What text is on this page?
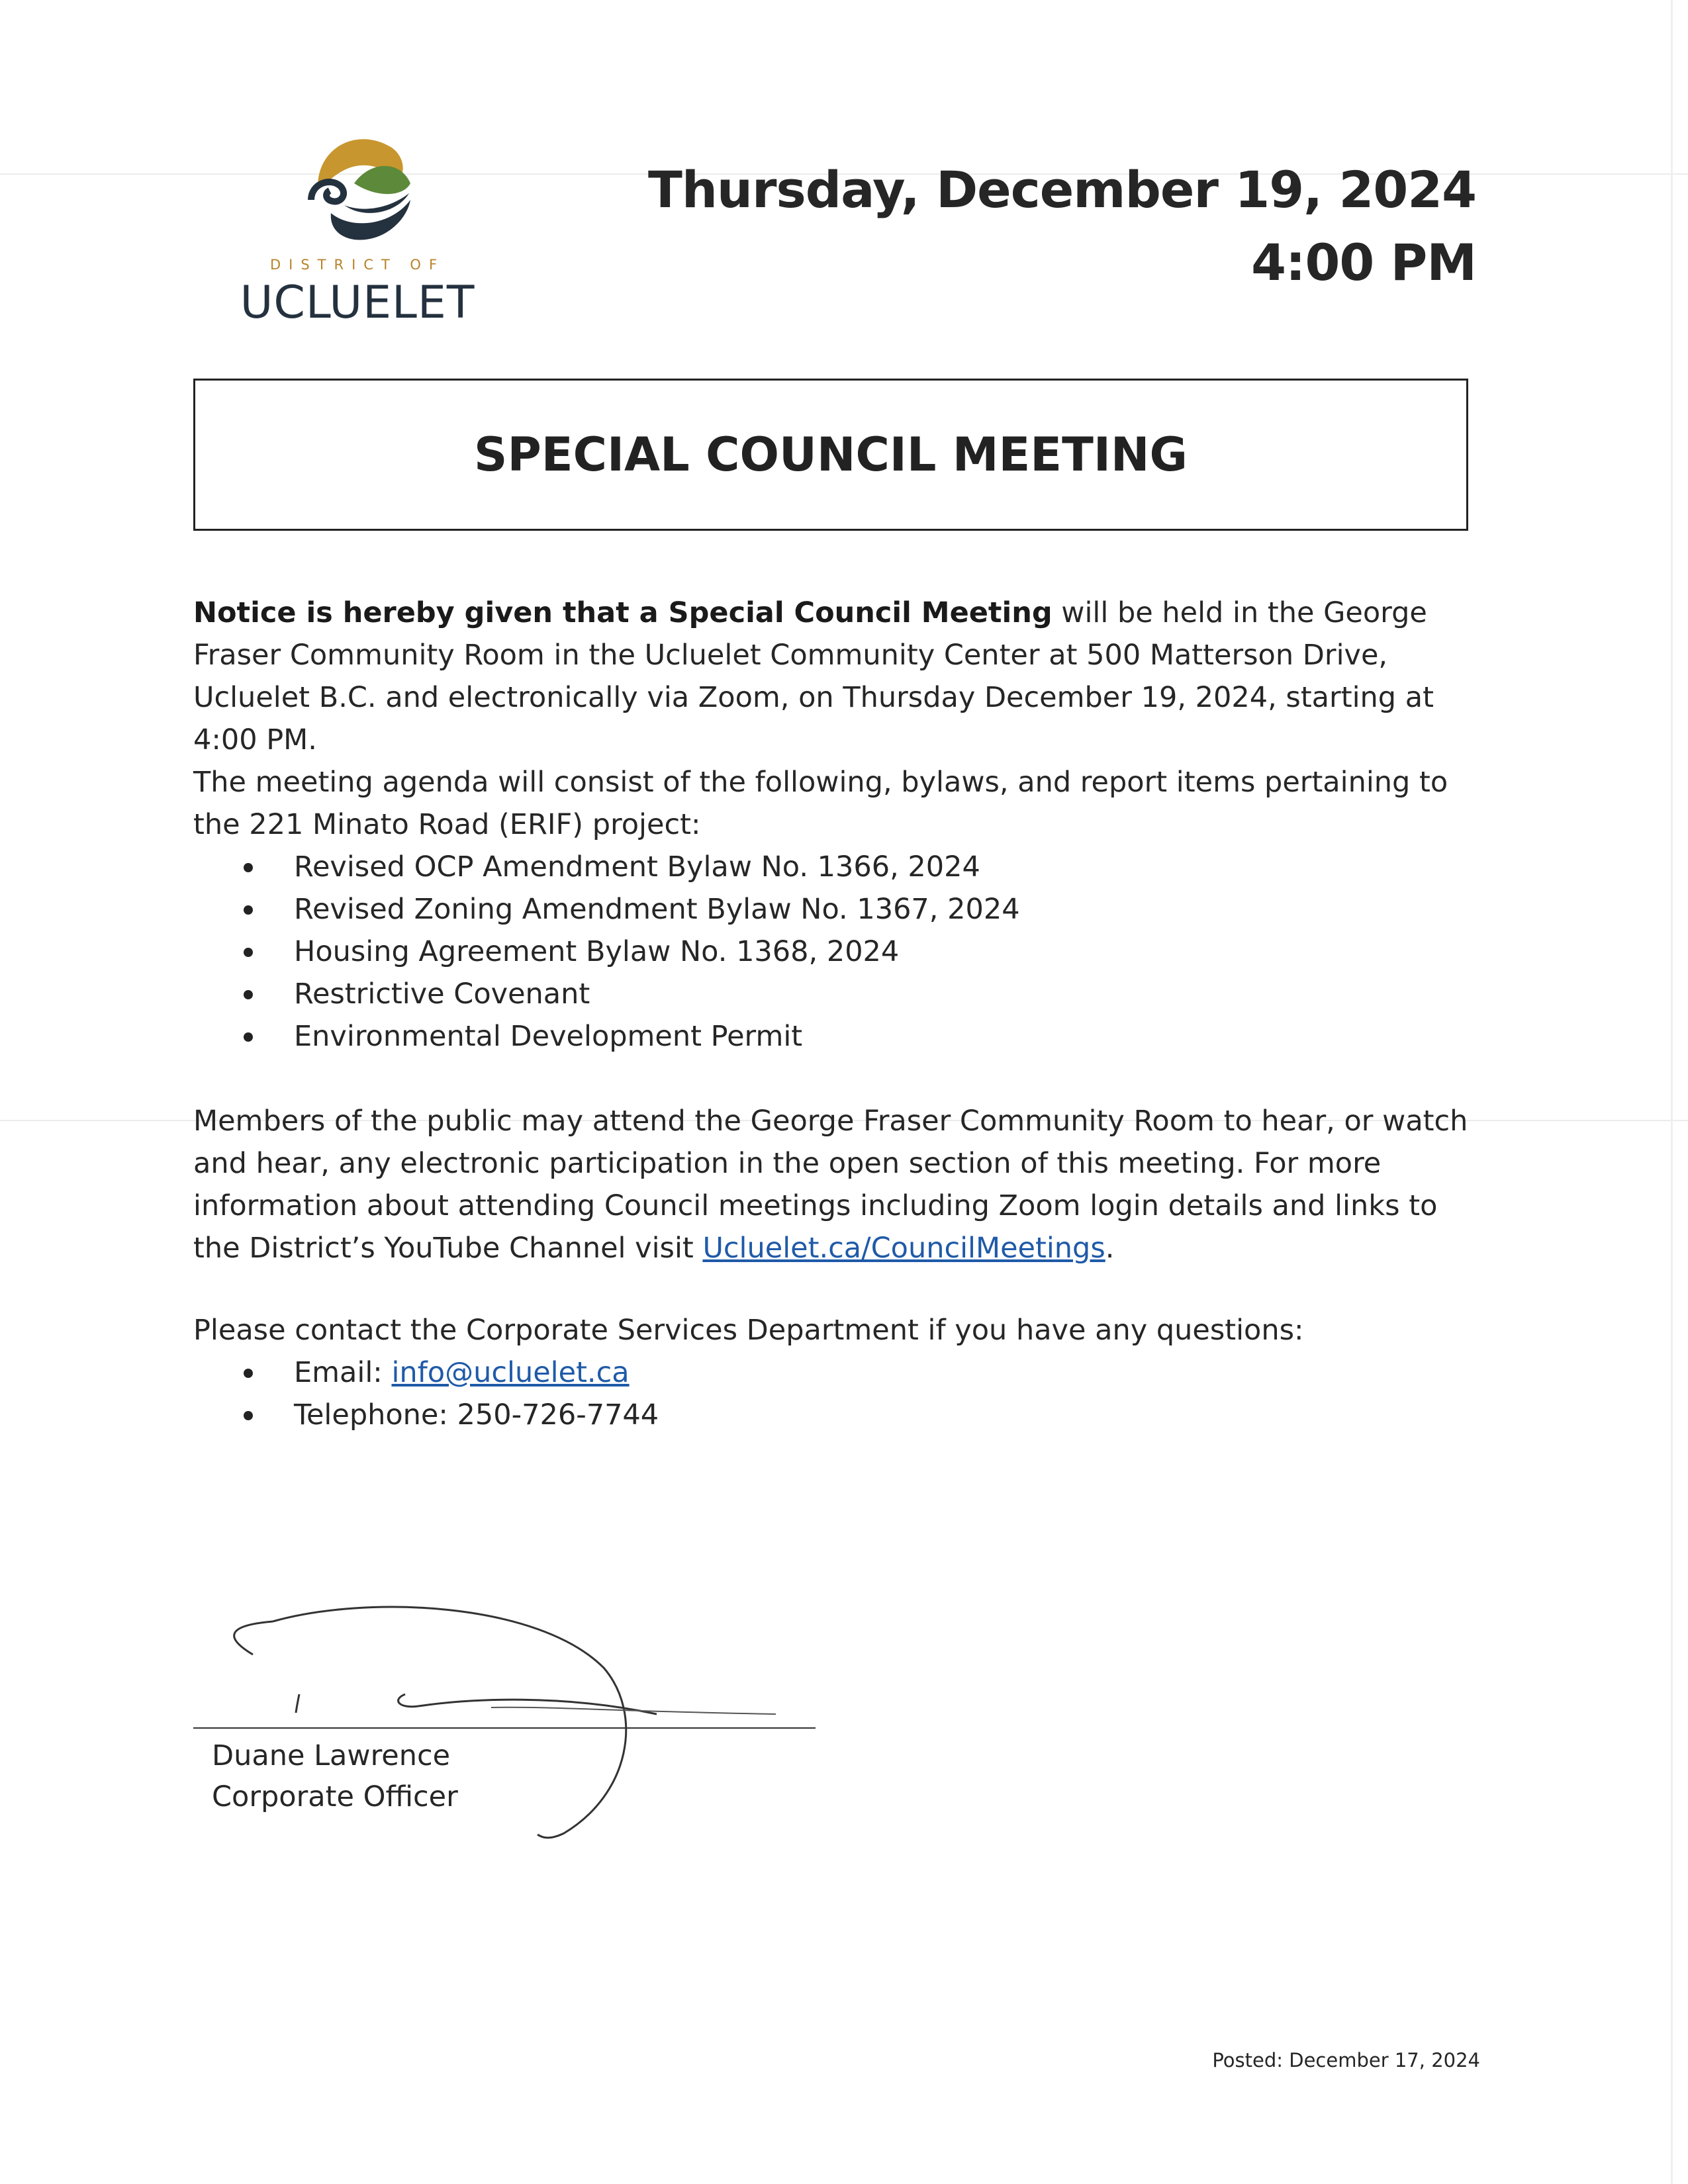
DISTRICT OF
UCLUELET
Thursday, December 19, 2024
4:00 PM
SPECIAL COUNCIL MEETING
Notice is hereby given that a Special Council Meeting will be held in the George Fraser Community Room in the Ucluelet Community Center at 500 Matterson Drive, Ucluelet B.C. and electronically via Zoom, on Thursday December 19, 2024, starting at 4:00 PM.
The meeting agenda will consist of the following, bylaws, and report items pertaining to the 221 Minato Road (ERIF) project:
Revised OCP Amendment Bylaw No. 1366, 2024
Revised Zoning Amendment Bylaw No. 1367, 2024
Housing Agreement Bylaw No. 1368, 2024
Restrictive Covenant
Environmental Development Permit
Members of the public may attend the George Fraser Community Room to hear, or watch and hear, any electronic participation in the open section of this meeting. For more information about attending Council meetings including Zoom login details and links to the District’s YouTube Channel visit Ucluelet.ca/CouncilMeetings.
Please contact the Corporate Services Department if you have any questions:
Email: info@ucluelet.ca
Telephone: 250-726-7744
Duane Lawrence
Corporate Officer
Posted: December 17, 2024
